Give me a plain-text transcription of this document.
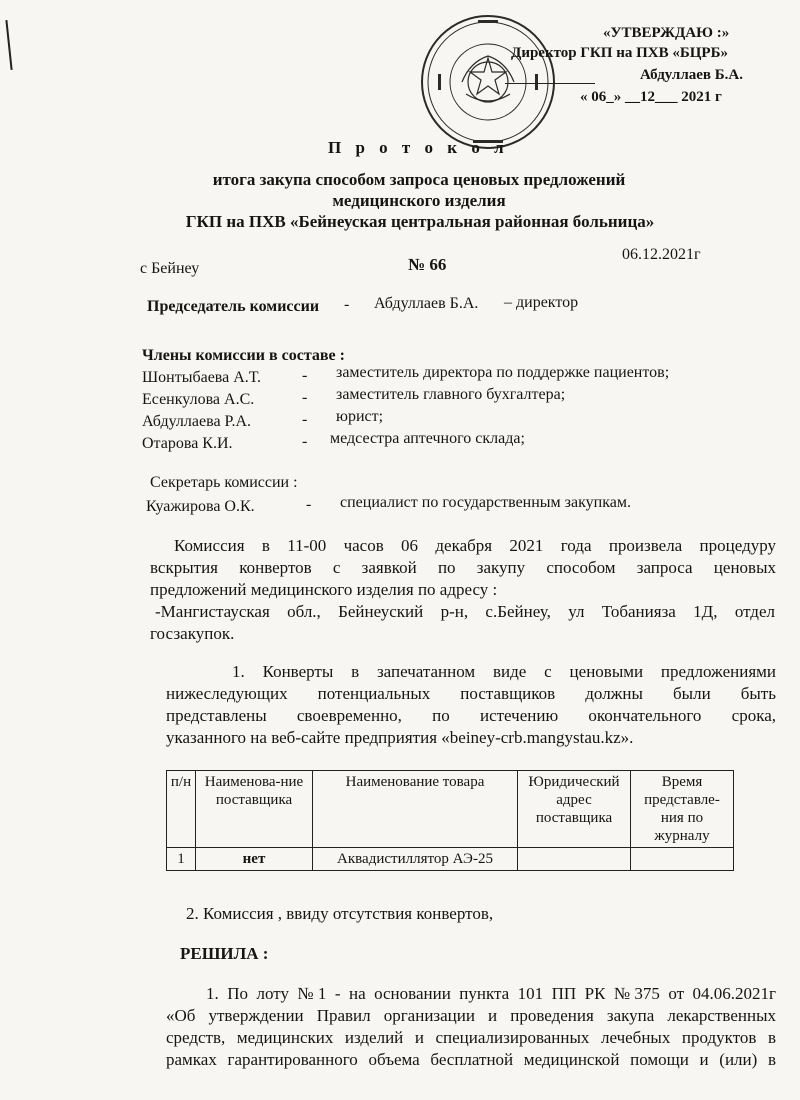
«УТВЕРЖДАЮ :»
Директор ГКП на ПХВ «БЦРБ»
Абдуллаев Б.А.
« 06_» __12___ 2021 г
П р о т о к о л
итога закупа способом запроса ценовых предложений
медицинского изделия
ГКП на ПХВ «Бейнеуская центральная районная больница»
с Бейнеу	№ 66
06.12.2021г
Председатель комиссии - Абдуллаев Б.А. – директор
Члены комиссии в составе :
Шонтыбаева А.Т.	- заместитель директора по поддержке пациентов;
Есенкулова А.С.	- заместитель главного бухгалтера;
Абдуллаева Р.А.	- юрист;
Отарова К.И.	- медсестра аптечного склада;
Секретарь комиссии :
Куажирова О.К.	- специалист по государственным закупкам.
Комиссия в 11-00 часов 06 декабря 2021 года произвела процедуру
вскрытия конвертов с заявкой по закупу способом запроса ценовых
предложений медицинского изделия по адресу :
-Мангистауская обл., Бейнеуский р-н, с.Бейнеу, ул Тобанияза 1Д, отдел
госзакупок.
1. Конверты в запечатанном виде с ценовыми предложениями
нижеследующих потенциальных поставщиков должны были быть
представлены своевременно, по истечению окончательного срока,
указанного на веб-сайте предприятия «beiney-crb.mangystau.kz».
п/н	Наименова-ние поставщика	Наименование товара	Юридический адрес поставщика	Время представле-ния по журналу
1	нет	Аквадистиллятор АЭ-25		
2. Комиссия , ввиду отсутствия конвертов,
РЕШИЛА :
1. По лоту №1 - на основании пункта 101 ПП РК №375 от 04.06.2021г
«Об утверждении Правил организации и проведения закупа лекарственных
средств, медицинских изделий и специализированных лечебных продуктов в
рамках гарантированного объема бесплатной медицинской помощи и (или) в
